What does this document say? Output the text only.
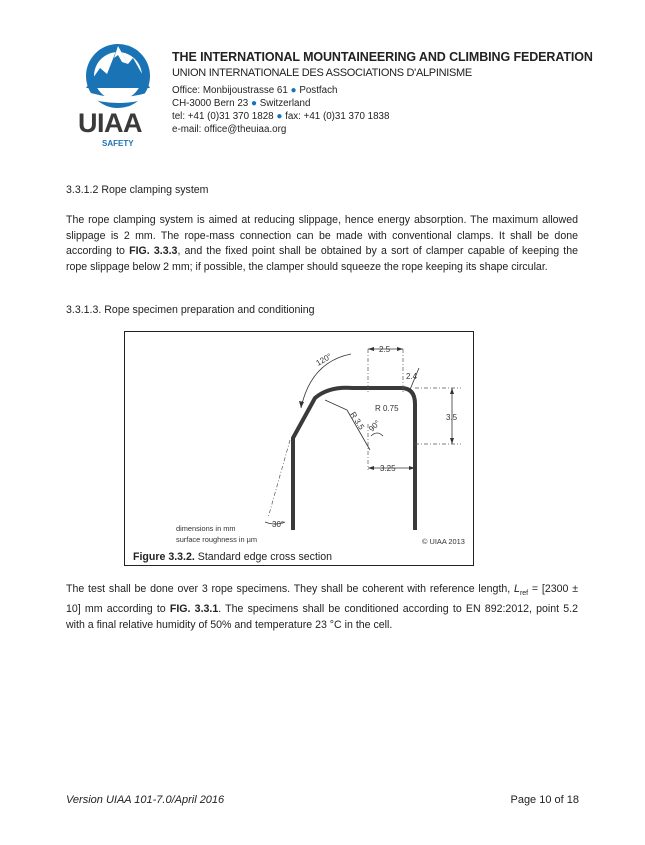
UIAA
SAFETY
THE INTERNATIONAL MOUNTAINEERING AND CLIMBING FEDERATION
UNION INTERNATIONALE DES ASSOCIATIONS D'ALPINISME
Office: Monbijoustrasse 61 ● Postfach
CH-3000 Bern 23 ● Switzerland
tel: +41 (0)31 370 1828 ● fax: +41 (0)31 370 1838
e-mail: office@theuiaa.org
3.3.1.2 Rope clamping system
The rope clamping system is aimed at reducing slippage, hence energy absorption. The maximum allowed slippage is 2 mm. The rope-mass connection can be made with conventional clamps. It shall be done according to FIG. 3.3.3, and the fixed point shall be obtained by a sort of clamper capable of keeping the rope slippage below 2 mm; if possible, the clamper should squeeze the rope keeping its shape circular.
3.3.1.3. Rope specimen preparation and conditioning
120°
2.5
2.4
R 0.75
R 3.5	3.5
90°
3.25
30°
dimensions in mm
surface roughness in µm	© UIAA 2013
Figure 3.3.2. Standard edge cross section
The test shall be done over 3 rope specimens. They shall be coherent with reference length, $L_{ref} = [2300 \pm 10]$ mm according to FIG. 3.3.1. The specimens shall be conditioned according to EN 892:2012, point 5.2 with a final relative humidity of 50% and temperature 23 °C in the cell.
Version UIAA 101-7.0/April 2016	Page 10 of 18
